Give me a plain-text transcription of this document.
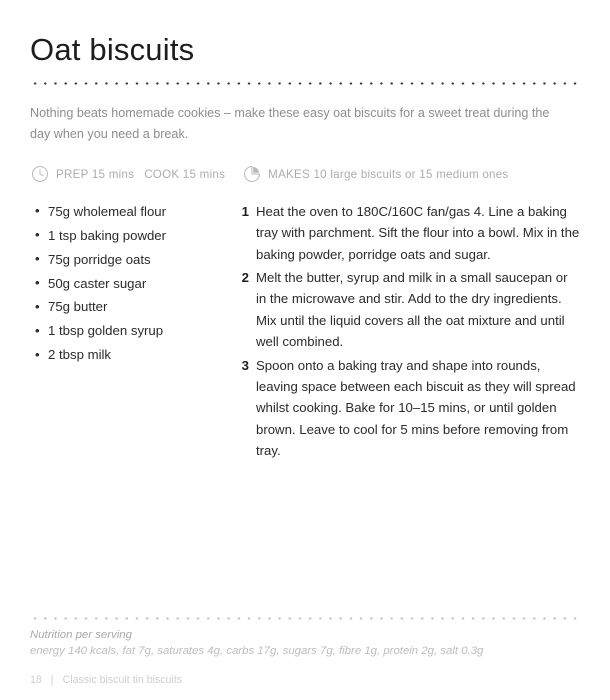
Oat biscuits

Nothing beats homemade cookies – make these easy oat biscuits for a sweet treat during the day when you need a break.

PREP 15 mins COOK 15 mins	MAKES 10 large biscuits or 15 medium ones
• 75g wholemeal flour
• 1 tsp baking powder
• 75g porridge oats
• 50g caster sugar
• 75g butter
• 1 tbsp golden syrup
• 2 tbsp milk
1 Heat the oven to 180C/160C fan/gas 4. Line a baking tray with parchment. Sift the flour into a bowl. Mix in the baking powder, porridge oats and sugar.
2 Melt the butter, syrup and milk in a small saucepan or in the microwave and stir. Add to the dry ingredients. Mix until the liquid covers all the oat mixture and until well combined.
3 Spoon onto a baking tray and shape into rounds, leaving space between each biscuit as they will spread whilst cooking. Bake for 10–15 mins, or until golden brown. Leave to cool for 5 mins before removing from tray.

Nutrition per serving

energy 140 kcals, fat 7g, saturates 4g, carbs 17g, sugars 7g, fibre 1g, protein 2g, salt 0.3g

18 | Classic biscuit tin biscuits
